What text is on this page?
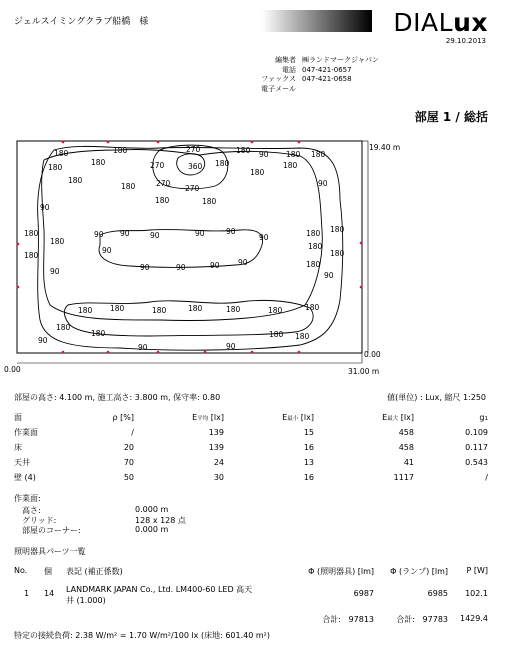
ジェルスイミングクラブ船橋　様	DIALux
29.10.2013
編集者 ㈱ランドマークジャパン
電話 047-421-0657
ファックス 047-421-0658
電子メール
部屋 1 / 総括
19.40 m
0.00
0.00	31.00 m
180	180	270	180 90 180 180
180
180	270	360 180	180
180
180	270
270
180
90
180	180
90
180
180
90 90	90	90	90
90	180 180
180
90	180
180
90	90	90 90
90
180
90
180 180	180	180	180	180	180
180
180	180 180
90
90	90
部屋の高さ: 4.100 m, 施工高さ: 3.800 m, 保守率: 0.80	値(単位) : Lux, 縮尺 1:250
面	ρ [%]	E平均 [lx]	E最小 [lx]	E最大 [lx]	g1
作業面	/	139	15	458	0.109
床	20	139	16	458	0.117
天井	70	24	13	41	0.543
壁 (4)	50	30	16	1117	/
作業面:
高さ:	0.000 m
グリッド:	128 x 128 点
部屋のコーナー:	0.000 m
照明器具パーツ一覧
No.	個	表記 (補正係数)	Φ (照明器具) [lm]	Φ (ランプ) [lm]	P [W]
1	14	LANDMARK JAPAN Co., Ltd. LM400-60 LED 高天
井 (1.000)	6987	6985	102.1
			合計: 97813	合計: 97783	1429.4
特定の接続負荷: 2.38 W/m² = 1.70 W/m²/100 lx (床地: 601.40 m²)
